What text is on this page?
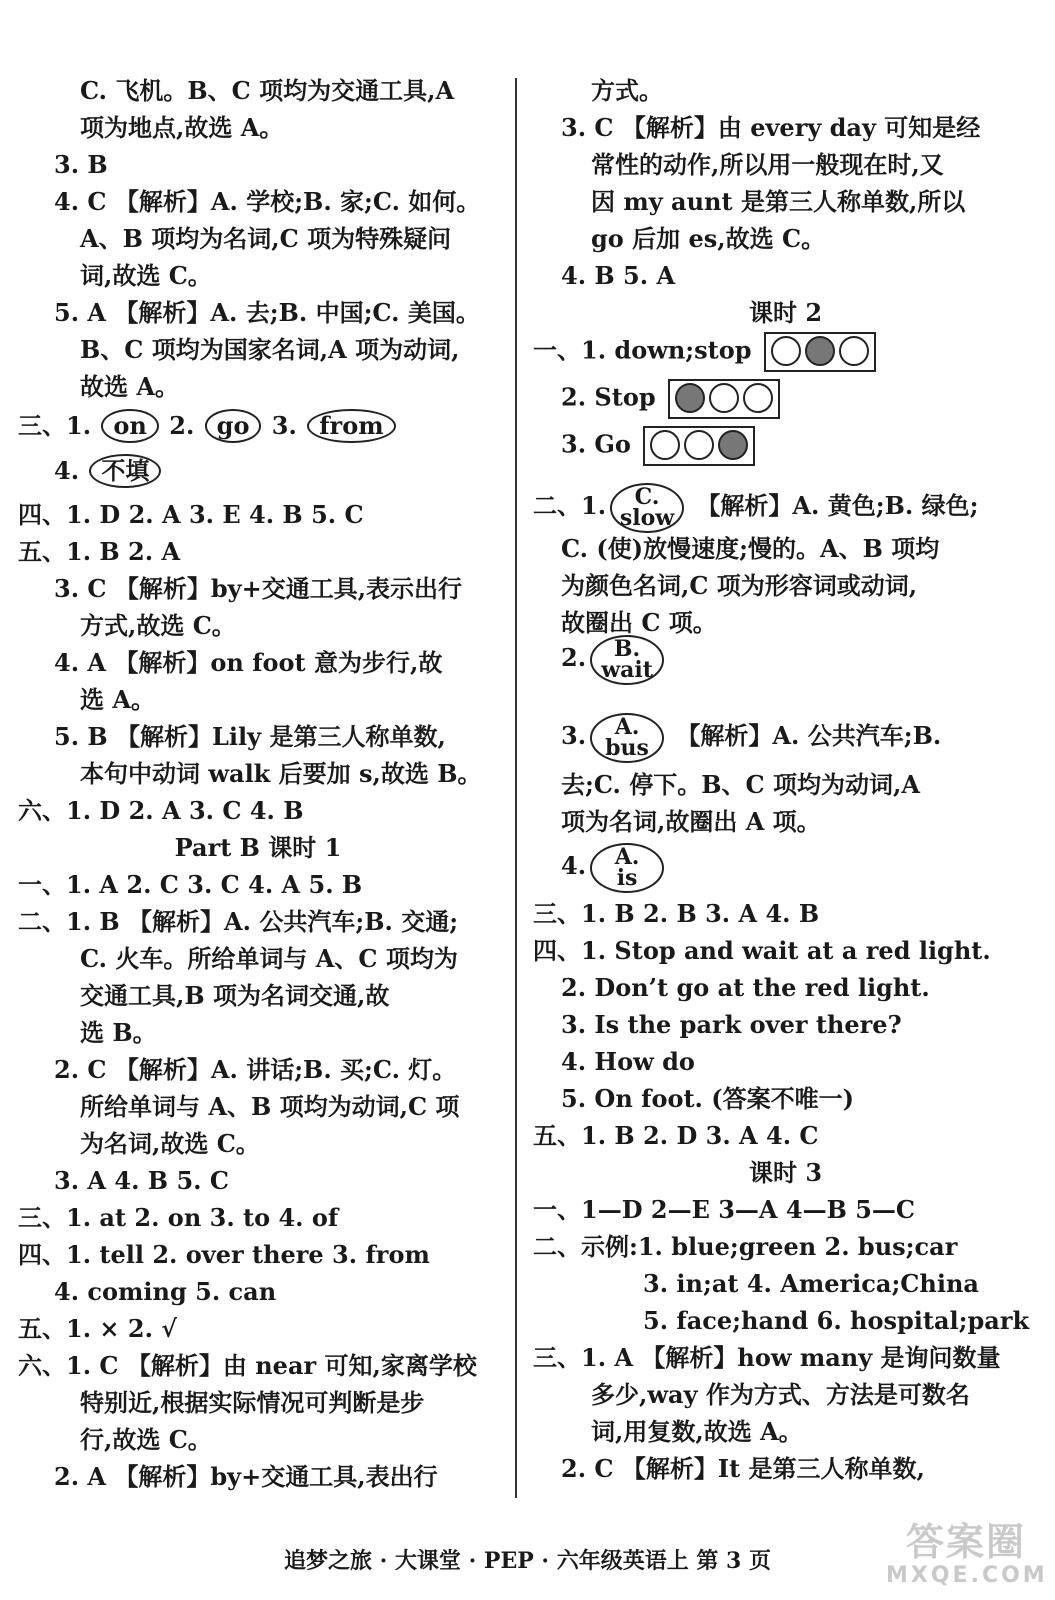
C. 飞机。B、C 项均为交通工具,A
项为地点,故选 A。
3. B
4. C 【解析】A. 学校;B. 家;C. 如何。
A、B 项均为名词,C 项为特殊疑问
词,故选 C。
5. A 【解析】A. 去;B. 中国;C. 美国。
B、C 项均为国家名词,A 项为动词,
故选 A。
四、1. D 2. A 3. E 4. B 5. C
五、1. B 2. A
3. C 【解析】by+交通工具,表示出行
方式,故选 C。
4. A 【解析】on foot 意为步行,故
选 A。
5. B 【解析】Lily 是第三人称单数,
本句中动词 walk 后要加 s,故选 B。
六、1. D 2. A 3. C 4. B
一、1. A 2. C 3. C 4. A 5. B
二、1. B 【解析】A. 公共汽车;B. 交通;
C. 火车。所给单词与 A、C 项均为
交通工具,B 项为名词交通,故
选 B。
2. C 【解析】A. 讲话;B. 买;C. 灯。
所给单词与 A、B 项均为动词,C 项
为名词,故选 C。
3. A 4. B 5. C
三、1. at 2. on 3. to 4. of
四、1. tell 2. over there 3. from
4. coming 5. can
五、1. × 2. √
六、1. C 【解析】由 near 可知,家离学校
特别近,根据实际情况可判断是步
行,故选 C。
2. A 【解析】by+交通工具,表出行
三、1. on 2. go 3. from
4. 不填
Part B 课时 1
方式。
3. C 【解析】由 every day 可知是经
常性的动作,所以用一般现在时,又
因 my aunt 是第三人称单数,所以
go 后加 es,故选 C。
4. B 5. A
C. (使)放慢速度;慢的。A、B 项均
为颜色名词,C 项为形容词或动词,
故圈出 C 项。
去;C. 停下。B、C 项均为动词,A
项为名词,故圈出 A 项。
三、1. B 2. B 3. A 4. B
四、1. Stop and wait at a red light.
2. Don’t go at the red light.
3. Is the park over there?
4. How do
5. On foot. (答案不唯一)
五、1. B 2. D 3. A 4. C
一、1—D 2—E 3—A 4—B 5—C
二、示例:1. blue;green 2. bus;car
3. in;at 4. America;China
5. face;hand 6. hospital;park
三、1. A 【解析】how many 是询问数量
多少,way 作为方式、方法是可数名
词,用复数,故选 A。
2. C 【解析】It 是第三人称单数,
课时 2
课时 3
一、1. down;stop
2. Stop
3. Go
二、1.	C.
slow 【解析】A. 黄色;B. 绿色;
2.	B.
wait
3.	A.
bus 【解析】A. 公共汽车;B.
4.	A.
is
追梦之旅 · 大课堂 · PEP · 六年级英语上 第 3 页	答案圈
MXQE.COM
